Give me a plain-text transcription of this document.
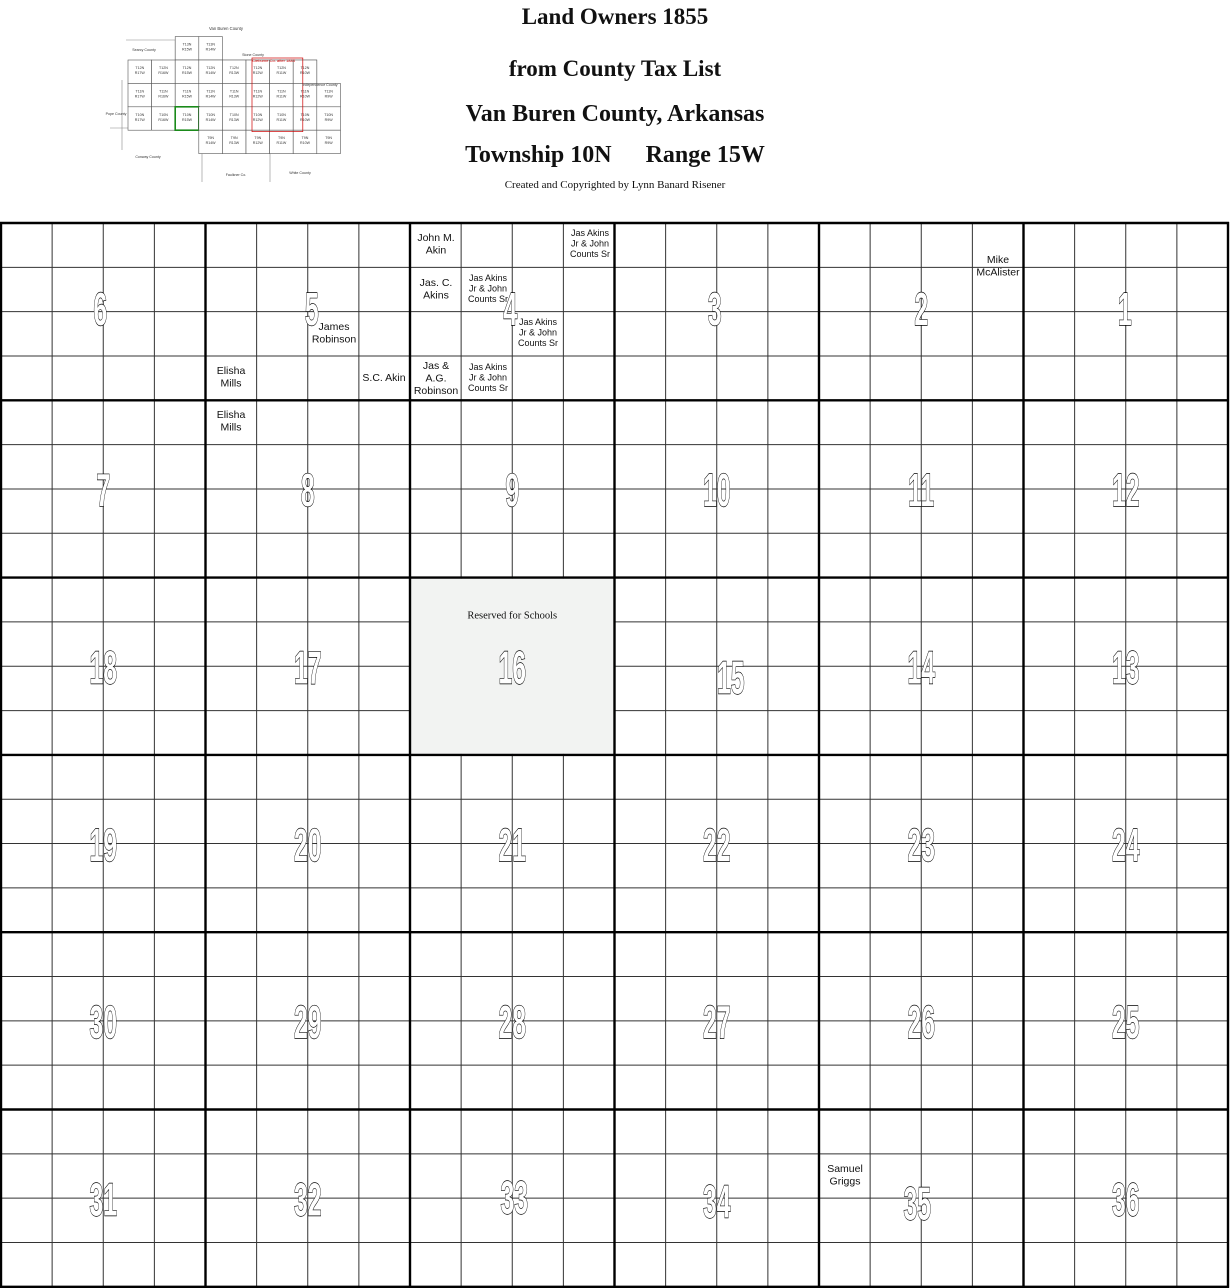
Land Owners 1855
from County Tax List
Van Buren County, Arkansas
Township 10N Range 15W
Created and Copyrighted by Lynn Banard Risener
T13N R15W
T13N R14W
T12N R17W
T12N R16W
T12N R15W
T12N R14W
T12N R13W
T12N R12W
T12N R11W
T12N R10W
T11N R17W
T11N R16W
T11N R15W
T11N R14W
T11N R13W
T11N R12W
T11N R11W
T11N R10W
T11N R9W
T10N R17W
T10N R16W
T10N R15W
T10N R14W
T10N R13W
T10N R12W
T10N R11W
T10N R10W
T10N R9W
T9N R14W
T9N R13W
T9N R12W
T9N R11W
T9N R10W
T9N R9W
Cleburne Co. after 1883
Van Buren County
Searcy County
Stone County
Independence County
Pope County
Conway County
Faulkner Co.	White County
Reserved for Schools
6	5	4	3	2	1
7	8	9	10	11	12
18	17	16	15	14	13
19	20	21	22	23	24
30	29	28	27	26	25
31	32	33	34	35	36
John M. Akin
Jas Akins Jr & John Counts Sr	Mike McAlister
Jas. C. Akins
Jas Akins Jr & John Counts Sr
James Robinson
Jas Akins Jr & John Counts Sr
Elisha Mills	S.C. Akin
Jas & A.G. Robinson
Jas Akins Jr & John Counts Sr
Elisha Mills
Samuel Griggs
